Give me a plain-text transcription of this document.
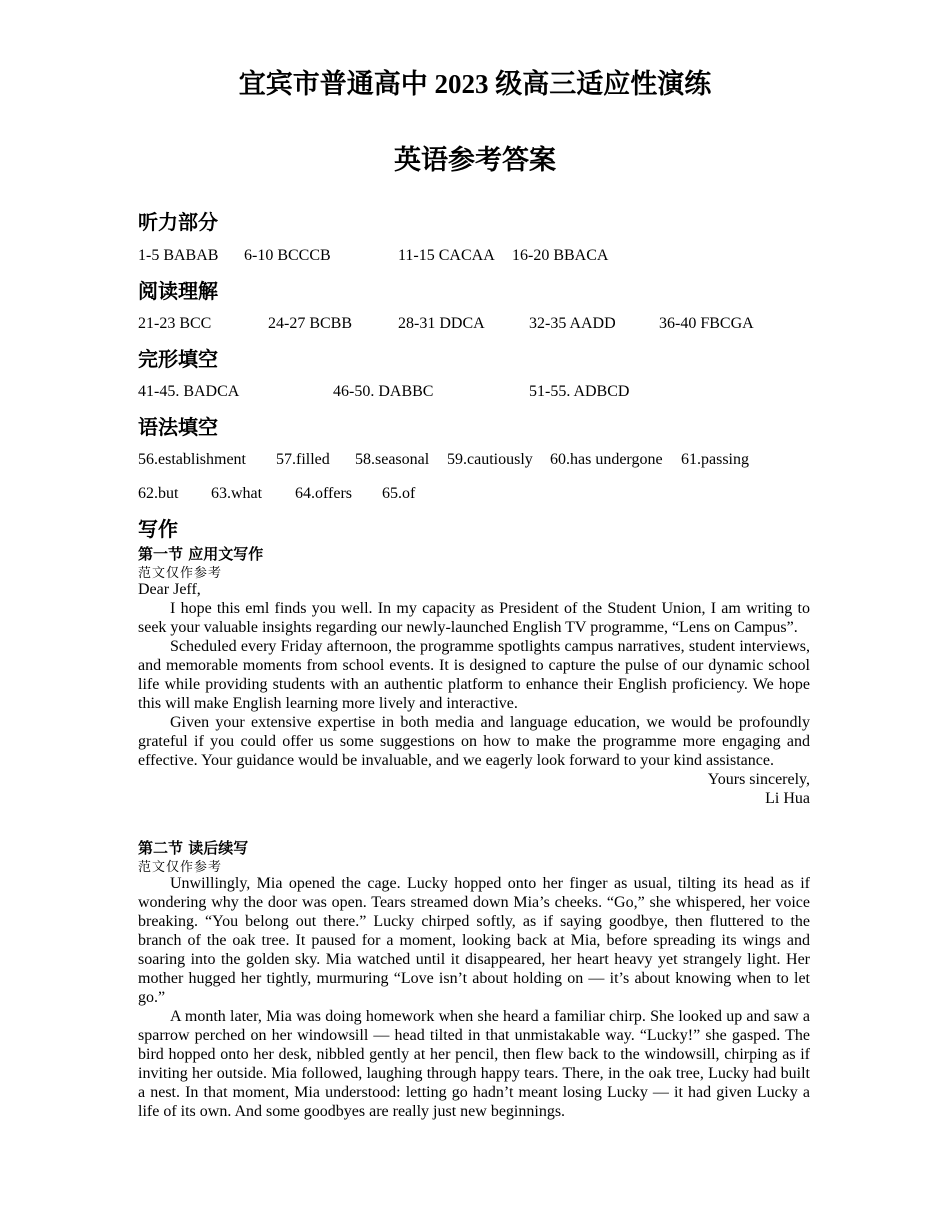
宜宾市普通高中 2023 级高三适应性演练
英语参考答案
听力部分
1-5 BABAB 6-10 BCCCB	11-15 CACAA 16-20 BBACA
阅读理解
21-23 BCC	24-27 BCBB	28-31 DDCA	32-35 AADD	36-40 FBCGA
完形填空
41-45. BADCA	46-50. DABBC	51-55. ADBCD
语法填空
56.establishment 57.filled 58.seasonal 59.cautiously 60.has undergone 61.passing
62.but 63.what 64.offers 65.of
写作
第一节 应用文写作
范文仅作参考

Dear Jeff,

I hope this eml finds you well. In my capacity as President of the Student Union, I am writing to seek your valuable insights regarding our newly-launched English TV programme, “Lens on Campus”.

Scheduled every Friday afternoon, the programme spotlights campus narratives, student interviews, and memorable moments from school events. It is designed to capture the pulse of our dynamic school life while providing students with an authentic platform to enhance their English proficiency. We hope this will make English learning more lively and interactive.

Given your extensive expertise in both media and language education, we would be profoundly grateful if you could offer us some suggestions on how to make the programme more engaging and effective. Your guidance would be invaluable, and we eagerly look forward to your kind assistance.

Yours sincerely,

Li Hua

第二节 读后续写
范文仅作参考

Unwillingly, Mia opened the cage. Lucky hopped onto her finger as usual, tilting its head as if wondering why the door was open. Tears streamed down Mia’s cheeks. “Go,” she whispered, her voice breaking. “You belong out there.” Lucky chirped softly, as if saying goodbye, then fluttered to the branch of the oak tree. It paused for a moment, looking back at Mia, before spreading its wings and soaring into the golden sky. Mia watched until it disappeared, her heart heavy yet strangely light. Her mother hugged her tightly, murmuring “Love isn’t about holding on — it’s about knowing when to let go.”

A month later, Mia was doing homework when she heard a familiar chirp. She looked up and saw a sparrow perched on her windowsill — head tilted in that unmistakable way. “Lucky!” she gasped. The bird hopped onto her desk, nibbled gently at her pencil, then flew back to the windowsill, chirping as if inviting her outside. Mia followed, laughing through happy tears. There, in the oak tree, Lucky had built a nest. In that moment, Mia understood: letting go hadn’t meant losing Lucky — it had given Lucky a life of its own. And some goodbyes are really just new beginnings.
